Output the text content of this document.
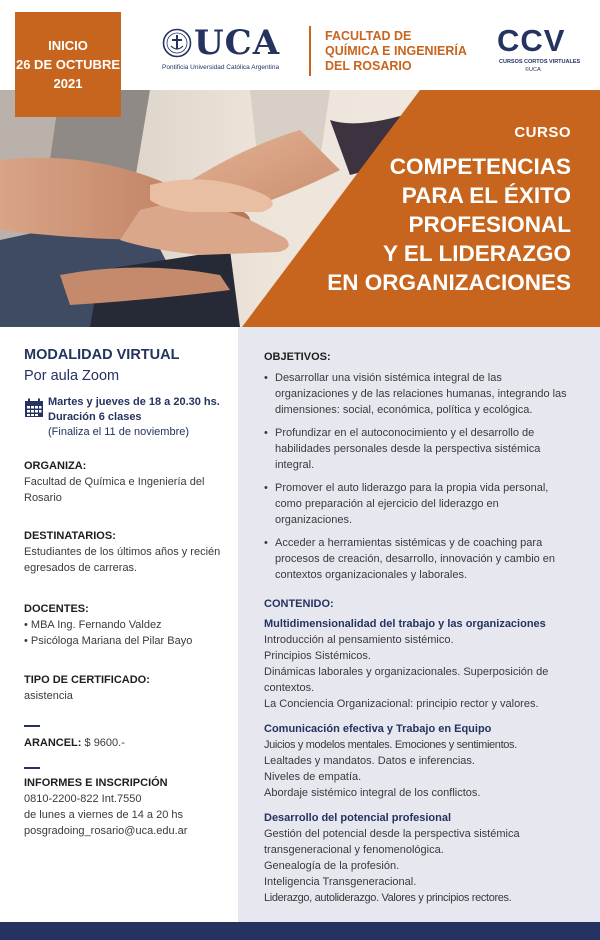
INICIO
26 DE OCTUBRE
2021
UCA
Pontificia Universidad Católica Argentina
FACULTAD DE
QUÍMICA E INGENIERÍA
DEL ROSARIO
CCV
CURSOS CORTOS VIRTUALES
©UCA
CURSO
COMPETENCIAS
PARA EL ÉXITO
PROFESIONAL
Y EL LIDERAZGO
EN ORGANIZACIONES
MODALIDAD VIRTUAL
Por aula Zoom
Martes y jueves de 18 a 20.30 hs.
Duración 6 clases
(Finaliza el 11 de noviembre)
ORGANIZA:
Facultad de Química e Ingeniería del Rosario
DESTINATARIOS:
Estudiantes de los últimos años y recién egresados de carreras.
DOCENTES:
• MBA Ing. Fernando Valdez
• Psicóloga Mariana del Pilar Bayo
TIPO DE CERTIFICADO:
asistencia
ARANCEL: $ 9600.-
INFORMES E INSCRIPCIÓN
0810-2200-822 Int.7550
de lunes a viernes de 14 a 20 hs
posgradoing_rosario@uca.edu.ar
OBJETIVOS:
• Desarrollar una visión sistémica integral de las organizaciones y de las relaciones humanas, integrando las dimensiones: social, económica, política y ecológica.
• Profundizar en el autoconocimiento y el desarrollo de habilidades personales desde la perspectiva sistémica integral.
• Promover el auto liderazgo para la propia vida personal, como preparación al ejercicio del liderazgo en organizaciones.
• Acceder a herramientas sistémicas y de coaching para procesos de creación, desarrollo, innovación y cambio en contextos organizacionales y laborales.
CONTENIDO:
Multidimensionalidad del trabajo y las organizaciones
Introducción al pensamiento sistémico.
Principios Sistémicos.
Dinámicas laborales y organizacionales. Superposición de contextos.
La Conciencia Organizacional: principio rector y valores.
Comunicación efectiva y Trabajo en Equipo
Juicios y modelos mentales. Emociones y sentimientos.
Lealtades y mandatos. Datos e inferencias.
Niveles de empatía.
Abordaje sistémico integral de los conflictos.
Desarrollo del potencial profesional
Gestión del potencial desde la perspectiva sistémica transgeneracional y fenomenológica.
Genealogía de la profesión.
Inteligencia Transgeneracional.
Liderazgo, autoliderazgo. Valores y principios rectores.
